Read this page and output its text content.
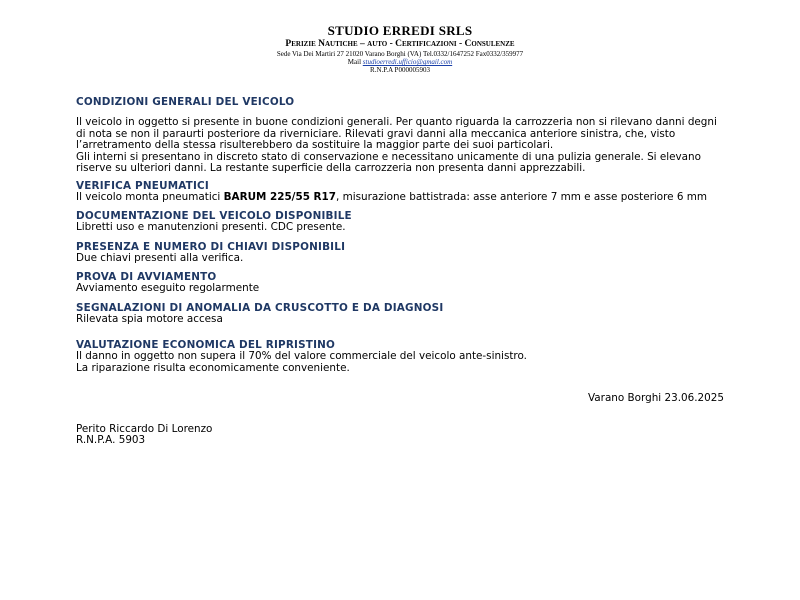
STUDIO ERREDI SRLS
Perizie Nautiche – auto - Certificazioni - Consulenze
Sede Via Dei Martiri 27 21020 Varano Borghi (VA) Tel.0332/1647252 Fax0332/359977
Mail studioerredi.ufficio@gmail.com
R.N.P.A P000005903
CONDIZIONI GENERALI DEL VEICOLO

Il veicolo in oggetto si presente in buone condizioni generali. Per quanto riguarda la carrozzeria non si rilevano danni degni di nota se non il paraurti posteriore da riverniciare. Rilevati gravi danni alla meccanica anteriore sinistra, che, visto l’arretramento della stessa risulterebbero da sostituire la maggior parte dei suoi particolari.

Gli interni si presentano in discreto stato di conservazione e necessitano unicamente di una pulizia generale. Si elevano riserve su ulteriori danni. La restante superficie della carrozzeria non presenta danni apprezzabili.

VERIFICA PNEUMATICI

Il veicolo monta pneumatici BARUM 225/55 R17, misurazione battistrada: asse anteriore 7 mm e asse posteriore 6 mm

DOCUMENTAZIONE DEL VEICOLO DISPONIBILE

Libretti uso e manutenzioni presenti. CDC presente.

PRESENZA E NUMERO DI CHIAVI DISPONIBILI

Due chiavi presenti alla verifica.

PROVA DI AVVIAMENTO

Avviamento eseguito regolarmente

SEGNALAZIONI DI ANOMALIA DA CRUSCOTTO E DA DIAGNOSI

Rilevata spia motore accesa

VALUTAZIONE ECONOMICA DEL RIPRISTINO

Il danno in oggetto non supera il 70% del valore commerciale del veicolo ante-sinistro.

La riparazione risulta economicamente conveniente.

Varano Borghi 23.06.2025

Perito Riccardo Di Lorenzo

R.N.P.A. 5903
